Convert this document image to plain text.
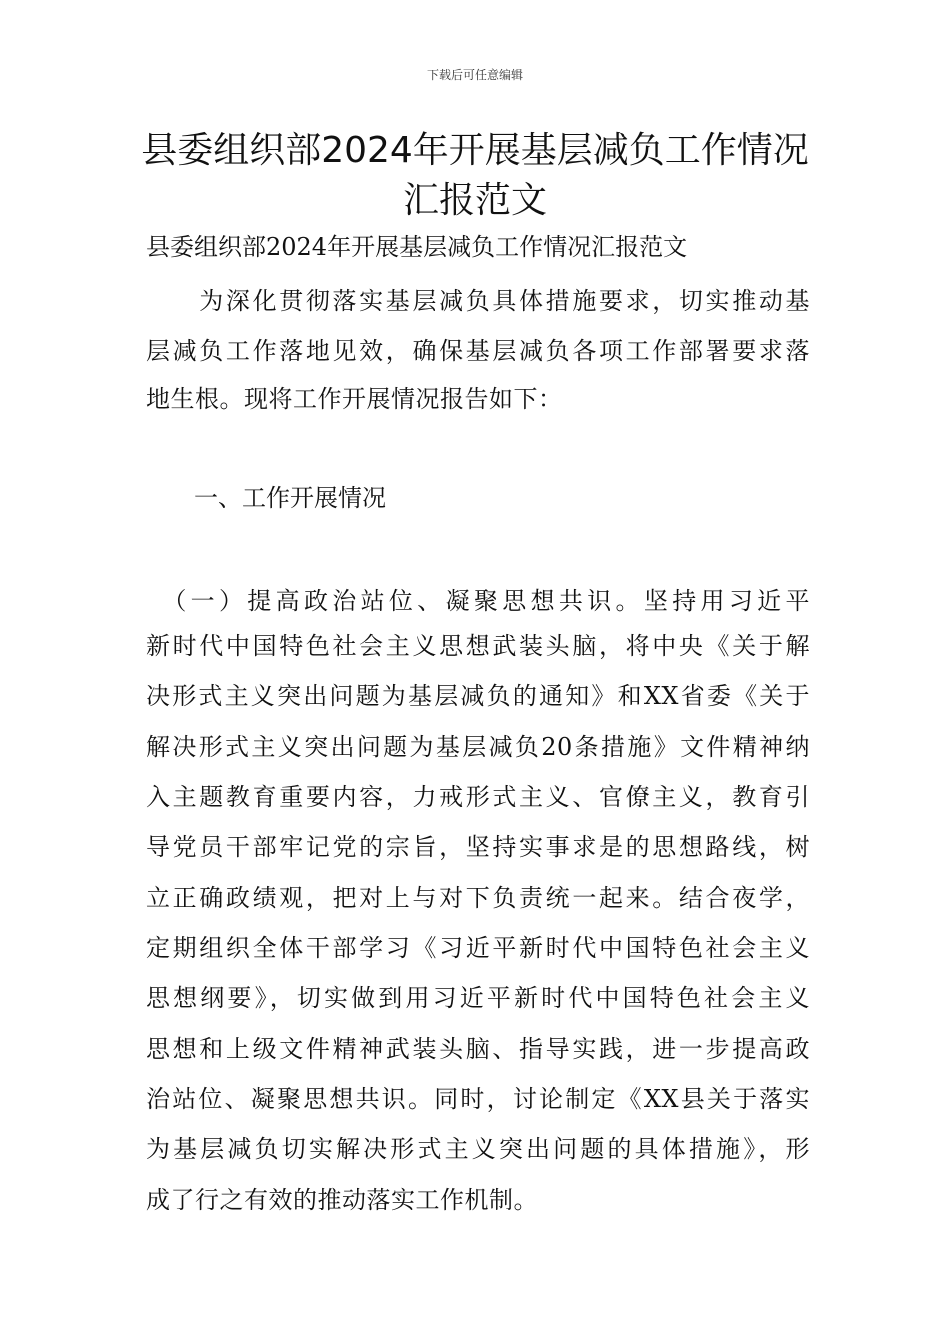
下载后可任意编辑
县委组织部2024年开展基层减负工作情况
汇报范文
县委组织部2024年开展基层减负工作情况汇报范文
　　为深化贯彻落实基层减负具体措施要求，切实推动基
层减负工作落地见效，确保基层减负各项工作部署要求落
地生根。现将工作开展情况报告如下：
一、工作开展情况
　（一）提高政治站位、凝聚思想共识。坚持用习近平
新时代中国特色社会主义思想武装头脑，将中央《关于解
决形式主义突出问题为基层减负的通知》和XX省委《关于
解决形式主义突出问题为基层减负20条措施》文件精神纳
入主题教育重要内容，力戒形式主义、官僚主义，教育引
导党员干部牢记党的宗旨，坚持实事求是的思想路线，树
立正确政绩观，把对上与对下负责统一起来。结合夜学，
定期组织全体干部学习《习近平新时代中国特色社会主义
思想纲要》，切实做到用习近平新时代中国特色社会主义
思想和上级文件精神武装头脑、指导实践，进一步提高政
治站位、凝聚思想共识。同时，讨论制定《XX县关于落实
为基层减负切实解决形式主义突出问题的具体措施》，形
成了行之有效的推动落实工作机制。
